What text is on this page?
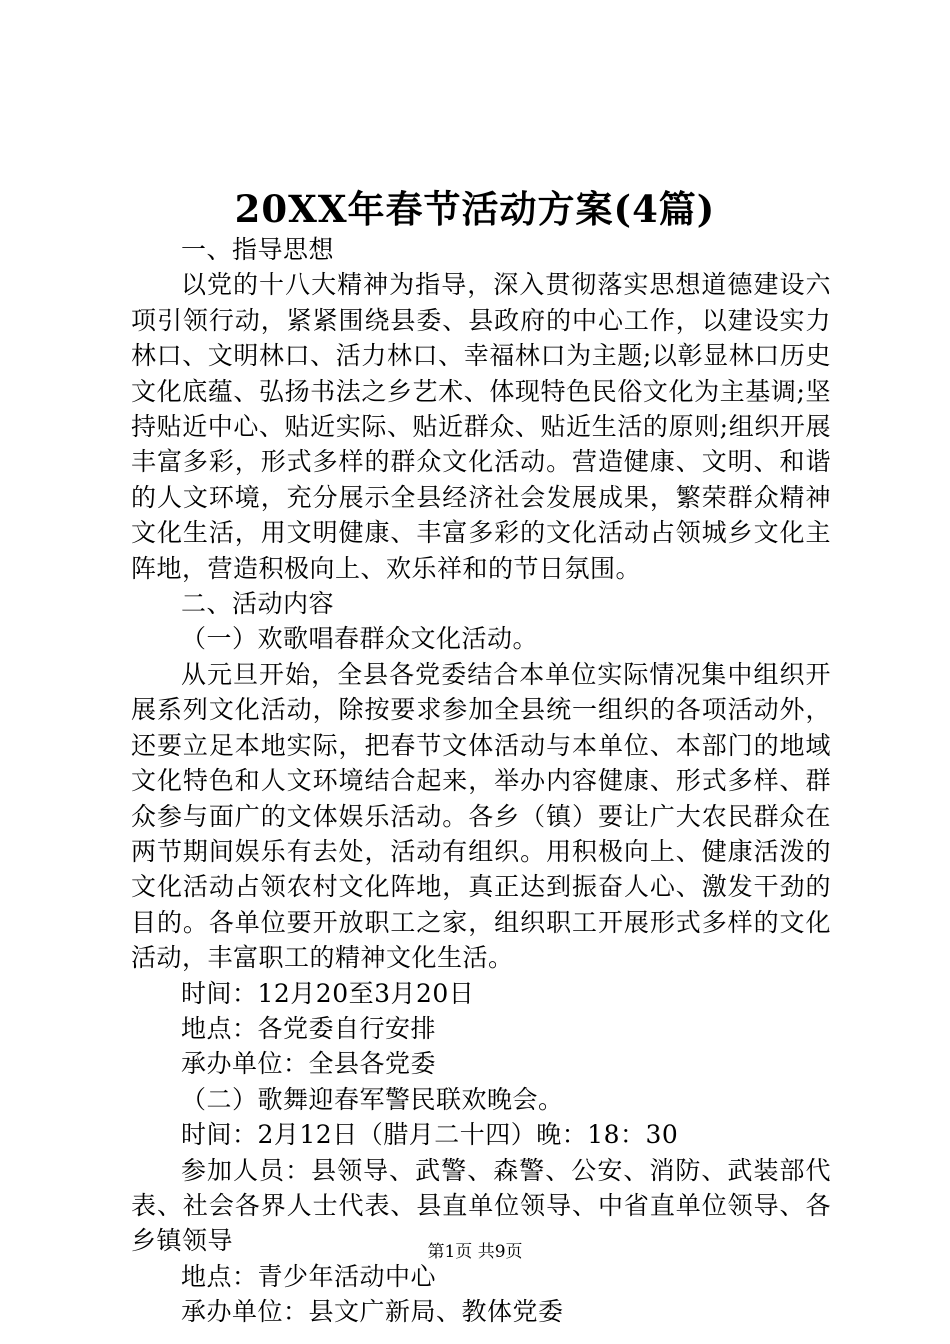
20XX年春节活动方案(4篇)

一、指导思想

以党的十八大精神为指导，深入贯彻落实思想道德建设六项引领行动，紧紧围绕县委、县政府的中心工作，以建设实力林口、文明林口、活力林口、幸福林口为主题;以彰显林口历史文化底蕴、弘扬书法之乡艺术、体现特色民俗文化为主基调;坚持贴近中心、贴近实际、贴近群众、贴近生活的原则;组织开展丰富多彩，形式多样的群众文化活动。营造健康、文明、和谐的人文环境，充分展示全县经济社会发展成果，繁荣群众精神文化生活，用文明健康、丰富多彩的文化活动占领城乡文化主阵地，营造积极向上、欢乐祥和的节日氛围。

二、活动内容

（一）欢歌唱春群众文化活动。

从元旦开始，全县各党委结合本单位实际情况集中组织开展系列文化活动，除按要求参加全县统一组织的各项活动外，还要立足本地实际，把春节文体活动与本单位、本部门的地域文化特色和人文环境结合起来，举办内容健康、形式多样、群众参与面广的文体娱乐活动。各乡（镇）要让广大农民群众在两节期间娱乐有去处，活动有组织。用积极向上、健康活泼的文化活动占领农村文化阵地，真正达到振奋人心、激发干劲的目的。各单位要开放职工之家，组织职工开展形式多样的文化活动，丰富职工的精神文化生活。

时间：12月20至3月20日

地点：各党委自行安排

承办单位：全县各党委

（二）歌舞迎春军警民联欢晚会。

时间：2月12日（腊月二十四）晚：18：30

参加人员：县领导、武警、森警、公安、消防、武装部代表、社会各界人士代表、县直单位领导、中省直单位领导、各乡镇领导

地点：青少年活动中心

承办单位：县文广新局、教体党委

第1页 共9页
